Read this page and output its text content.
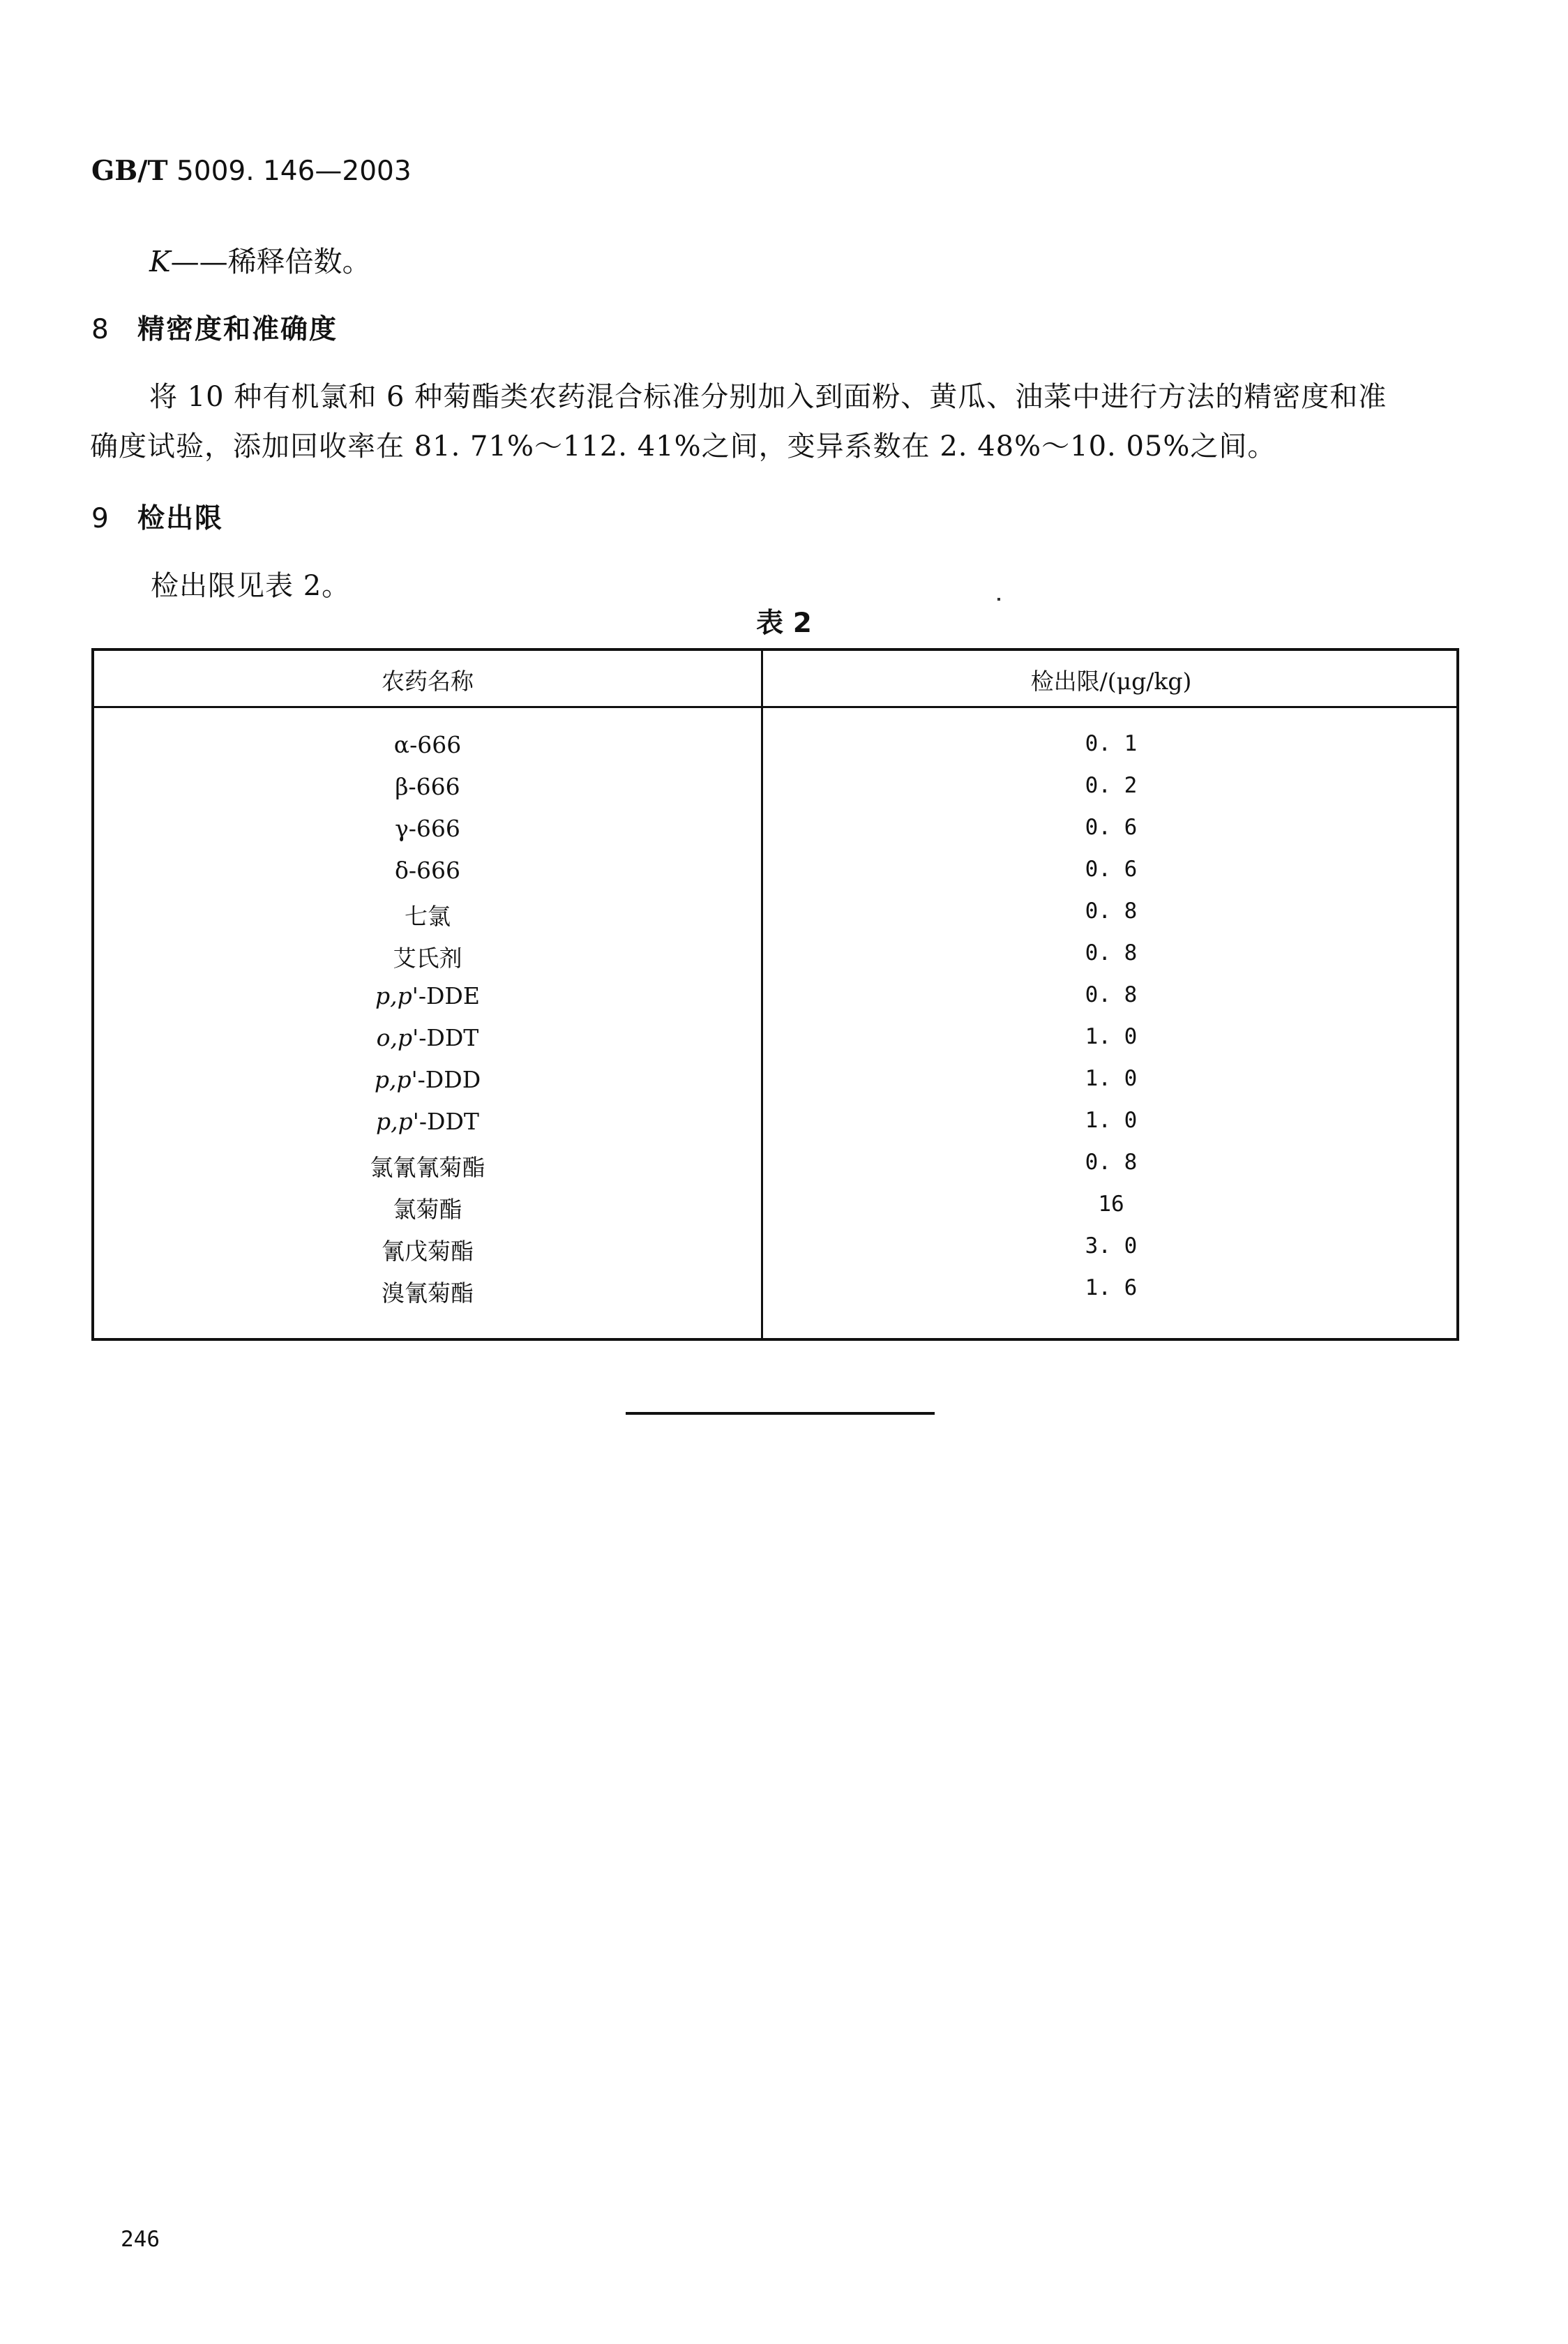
GB/T 5009. 146—2003
K——稀释倍数。
8 精密度和准确度
将 10 种有机氯和 6 种菊酯类农药混合标准分别加入到面粉、黄瓜、油菜中进行方法的精密度和准
确度试验，添加回收率在 81. 71%～112. 41%之间，变异系数在 2. 48%～10. 05%之间。
9 检出限
检出限见表 2。
表 2
农药名称	检出限/(μg/kg)
α-666	0. 1
β-666	0. 2
γ-666	0. 6
δ-666	0. 6
七氯	0. 8
艾氏剂	0. 8
p,p'-DDE	0. 8
o,p'-DDT	1. 0
p,p'-DDD	1. 0
p,p'-DDT	1. 0
氯氰氰菊酯	0. 8
氯菊酯	16
氰戊菊酯	3. 0
溴氰菊酯	1. 6
246
